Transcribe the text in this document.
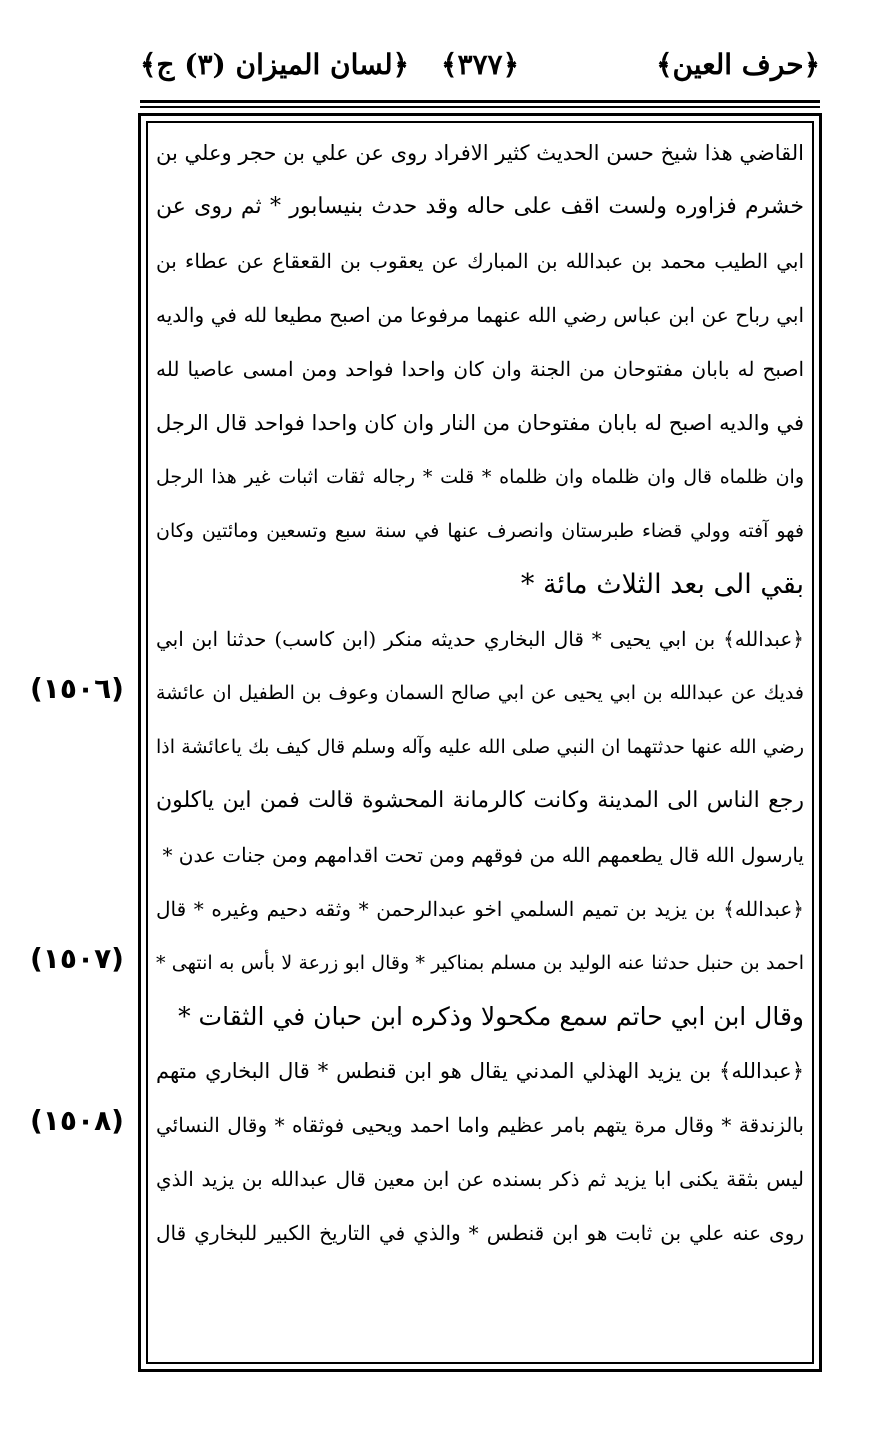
﴿حرف العين﴾
﴿٣٧٧﴾
﴿لسان الميزان (٣) ج﴾
القاضي هذا شيخ حسن الحديث كثير الافراد روى عن علي بن حجر وعلي بن
خشرم فزاوره ولست اقف على حاله وقد حدث بنيسابور * ثم روى عن
ابي الطيب محمد بن عبدالله بن المبارك عن يعقوب بن القعقاع عن عطاء بن
ابي رباح عن ابن عباس رضي الله عنهما مرفوعا من اصبح مطيعا لله في والديه
اصبح له بابان مفتوحان من الجنة وان كان واحدا فواحد ومن امسى عاصيا لله
في والديه اصبح له بابان مفتوحان من النار وان كان واحدا فواحد قال الرجل
وان ظلماه قال وان ظلماه وان ظلماه * قلت * رجاله ثقات اثبات غير هذا الرجل
فهو آفته وولي قضاء طبرستان وانصرف عنها في سنة سبع وتسعين ومائتين وكان
بقي الى بعد الثلاث مائة *
﴿عبدالله﴾ بن ابي يحيى * قال البخاري حديثه منكر (ابن كاسب) حدثنا ابن ابي
فديك عن عبدالله بن ابي يحيى عن ابي صالح السمان وعوف بن الطفيل ان عائشة
رضي الله عنها حدثتهما ان النبي صلى الله عليه وآله وسلم قال كيف بك ياعائشة اذا
رجع الناس الى المدينة وكانت كالرمانة المحشوة قالت فمن اين ياكلون
يارسول الله قال يطعمهم الله من فوقهم ومن تحت اقدامهم ومن جنات عدن *
﴿عبدالله﴾ بن يزيد بن تميم السلمي اخو عبدالرحمن * وثقه دحيم وغيره * قال
احمد بن حنبل حدثنا عنه الوليد بن مسلم بمناكير * وقال ابو زرعة لا بأس به انتهى *
وقال ابن ابي حاتم سمع مكحولا وذكره ابن حبان في الثقات *
﴿عبدالله﴾ بن يزيد الهذلي المدني يقال هو ابن قنطس * قال البخاري متهم
بالزندقة * وقال مرة يتهم بامر عظيم واما احمد ويحيى فوثقاه * وقال النسائي
ليس بثقة يكنى ابا يزيد ثم ذكر بسنده عن ابن معين قال عبدالله بن يزيد الذي
روى عنه علي بن ثابت هو ابن قنطس * والذي في التاريخ الكبير للبخاري قال
(١٥٠٦)
(١٥٠٧)
(١٥٠٨)
